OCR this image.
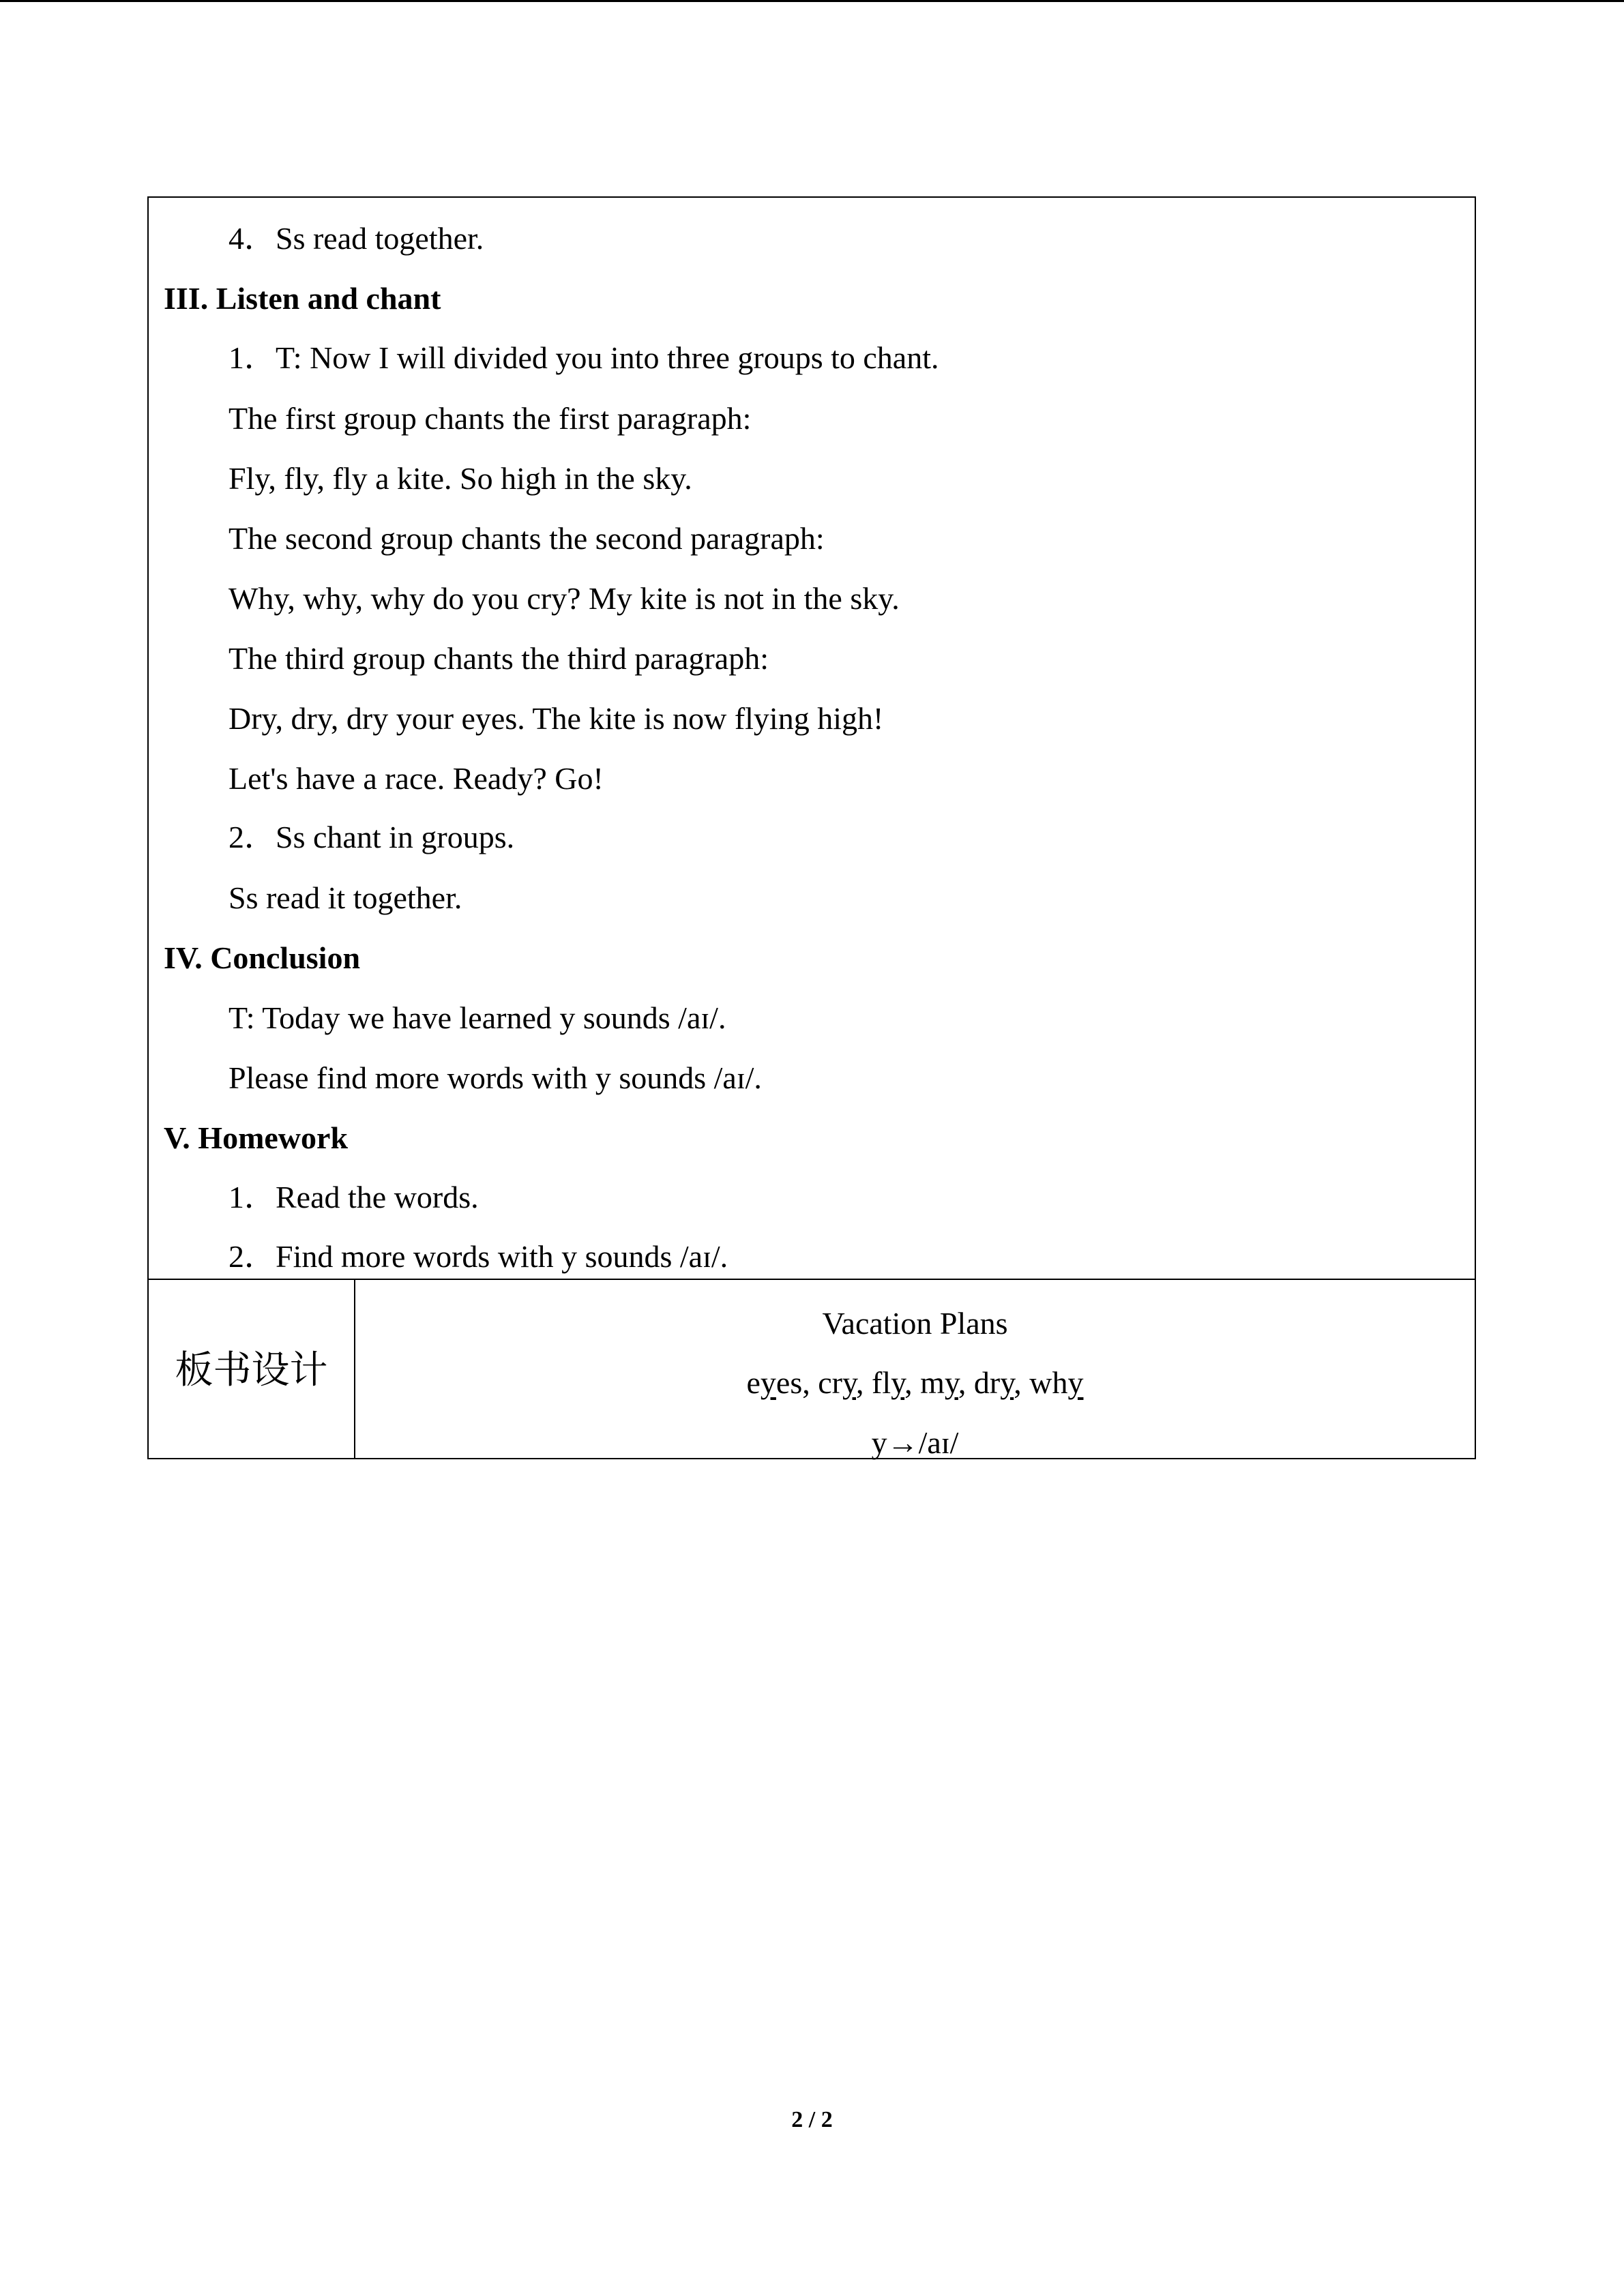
4．Ss read together.
III. Listen and chant
1．T: Now I will divided you into three groups to chant.
The first group chants the first paragraph:
Fly, fly, fly a kite. So high in the sky.
The second group chants the second paragraph:
Why, why, why do you cry? My kite is not in the sky.
The third group chants the third paragraph:
Dry, dry, dry your eyes. The kite is now flying high!
Let's have a race. Ready? Go!
2．Ss chant in groups.
Ss read it together.
IV. Conclusion
T: Today we have learned y sounds /aɪ/.
Please find more words with y sounds /aɪ/.
V. Homework
1．Read the words.
2．Find more words with y sounds /aɪ/.
板书设计
Vacation Plans
eyes, cry, fly, my, dry, why
y→/aɪ/
2 / 2
